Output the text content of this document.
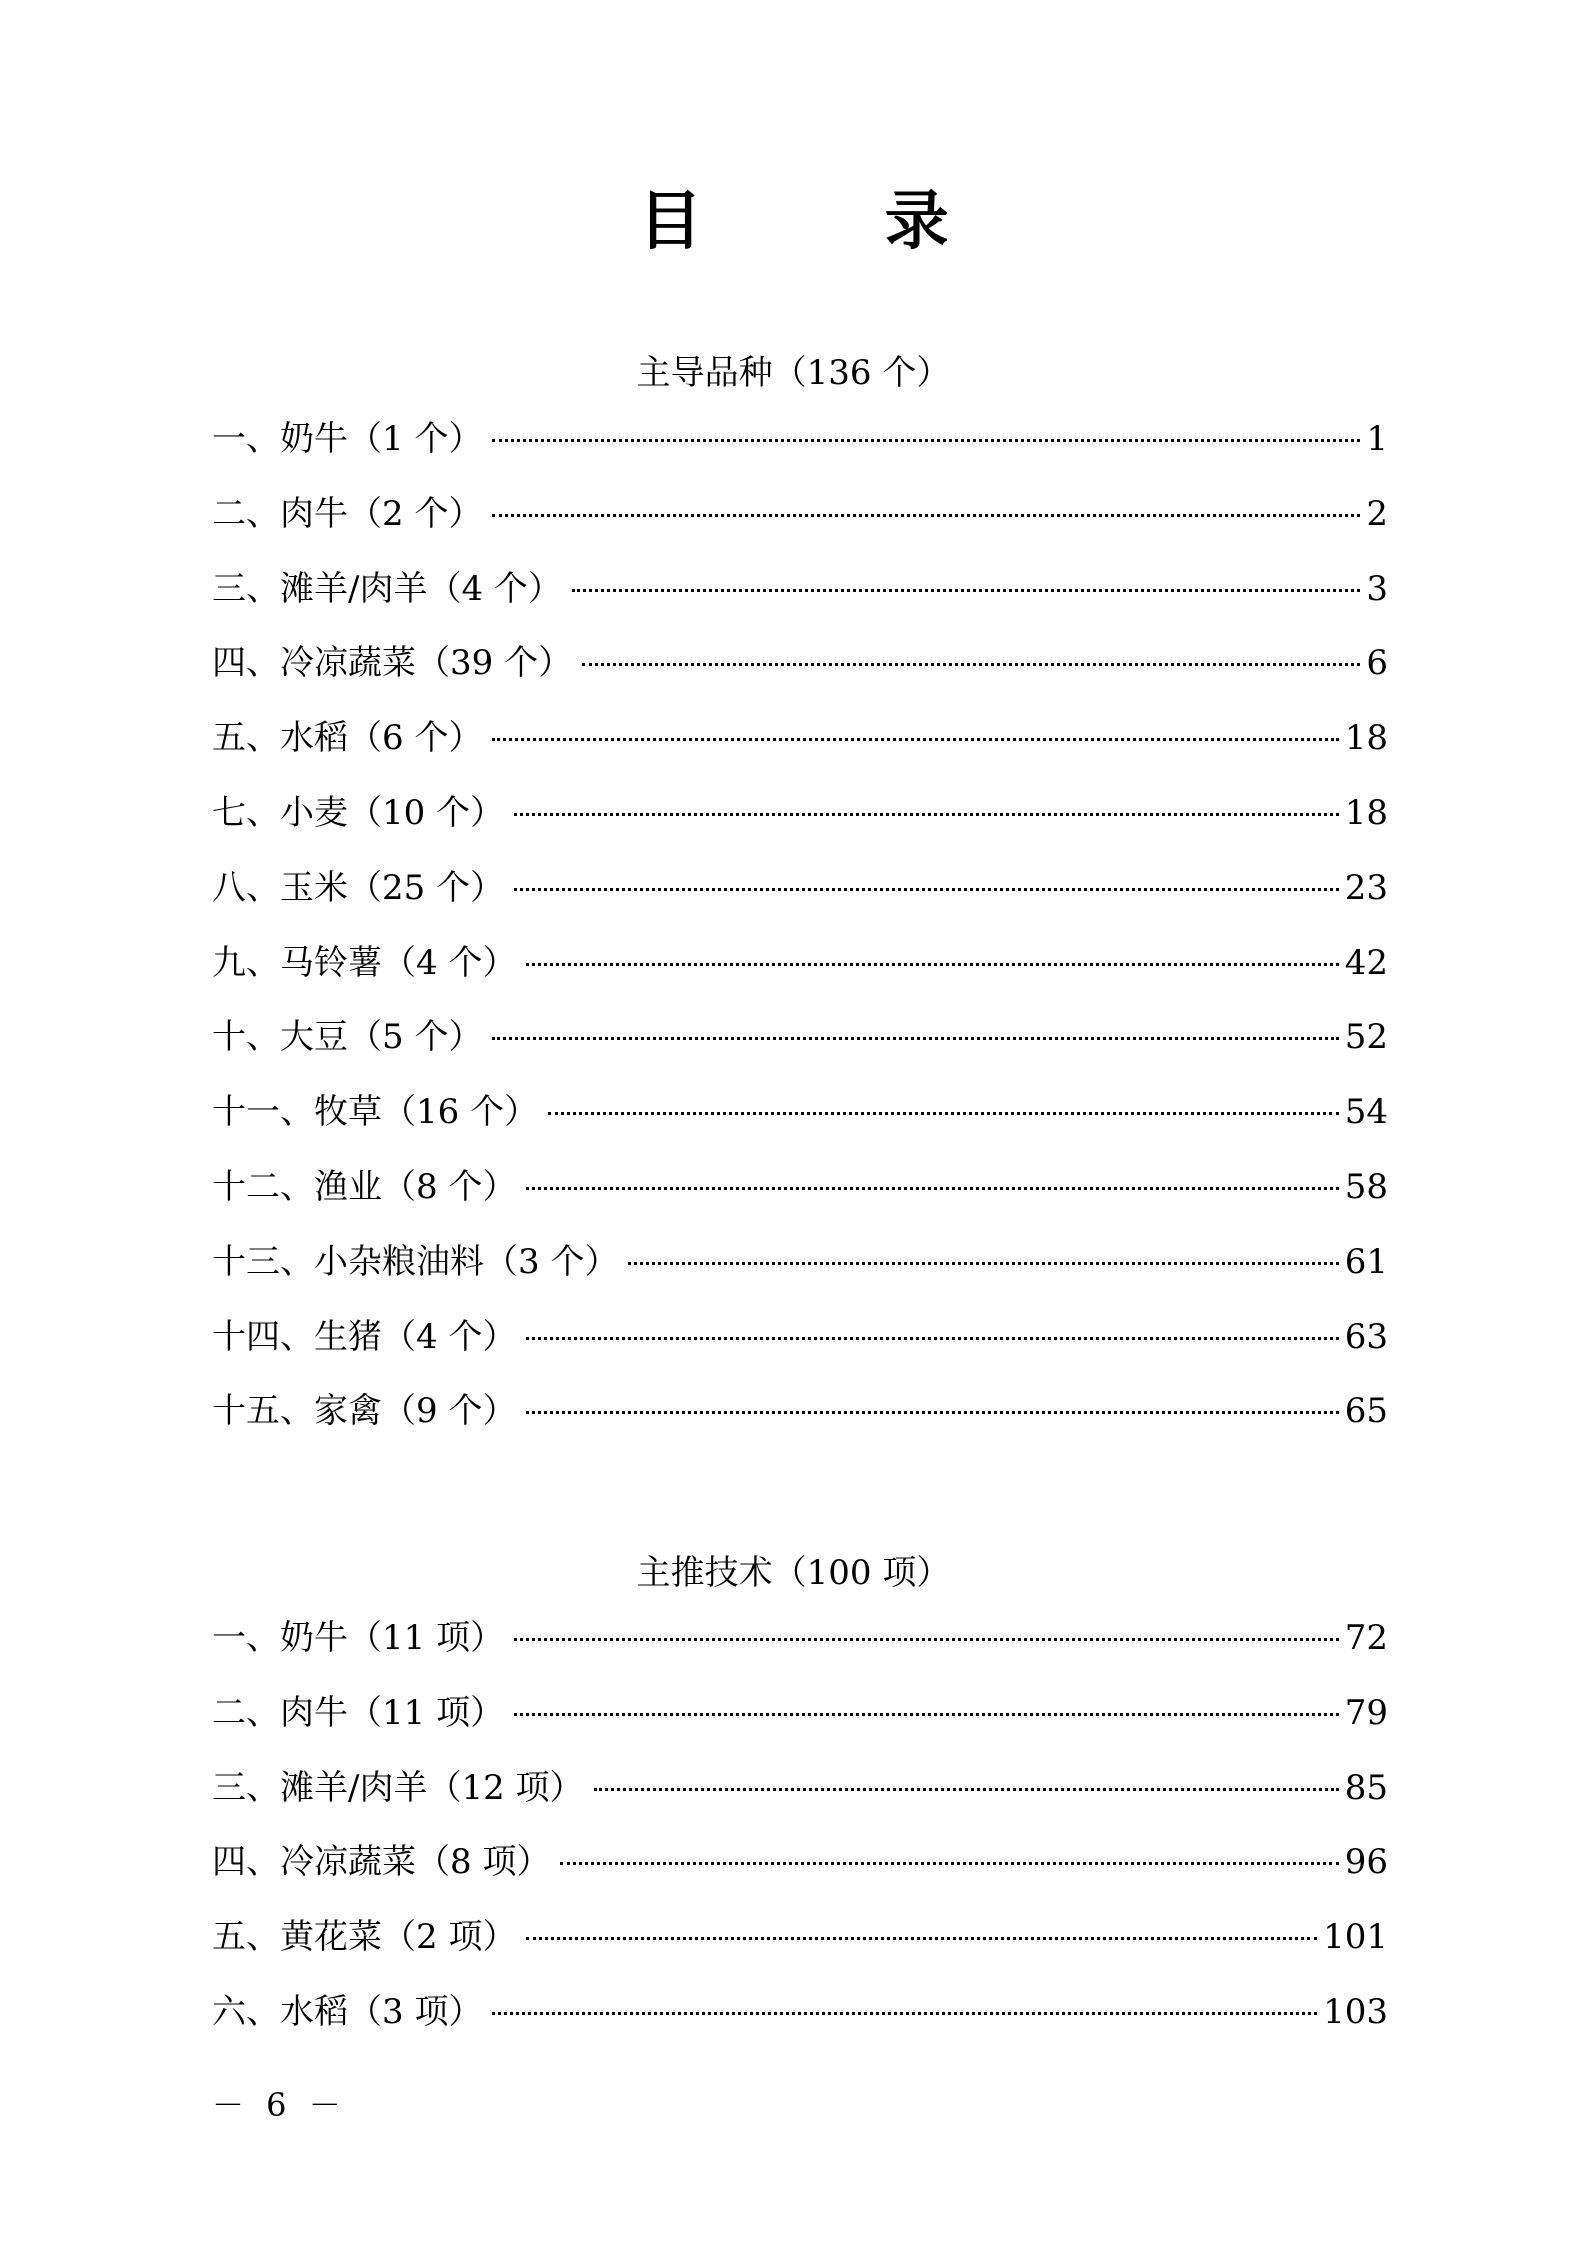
目 录
主导品种（136 个）
一、奶牛（1 个）	1
二、肉牛（2 个）	2
三、滩羊/肉羊（4 个）	3
四、冷凉蔬菜（39 个）	6
五、水稻（6 个）	18
七、小麦（10 个）	18
八、玉米（25 个）	23
九、马铃薯（4 个）	42
十、大豆（5 个）	52
十一、牧草（16 个）	54
十二、渔业（8 个）	58
十三、小杂粮油料（3 个）	61
十四、生猪（4 个）	63
十五、家禽（9 个）	65
主推技术（100 项）
一、奶牛（11 项）	72
二、肉牛（11 项）	79
三、滩羊/肉羊（12 项）	85
四、冷凉蔬菜（8 项）	96
五、黄花菜（2 项）	101
六、水稻（3 项）	103
－ 6 －
